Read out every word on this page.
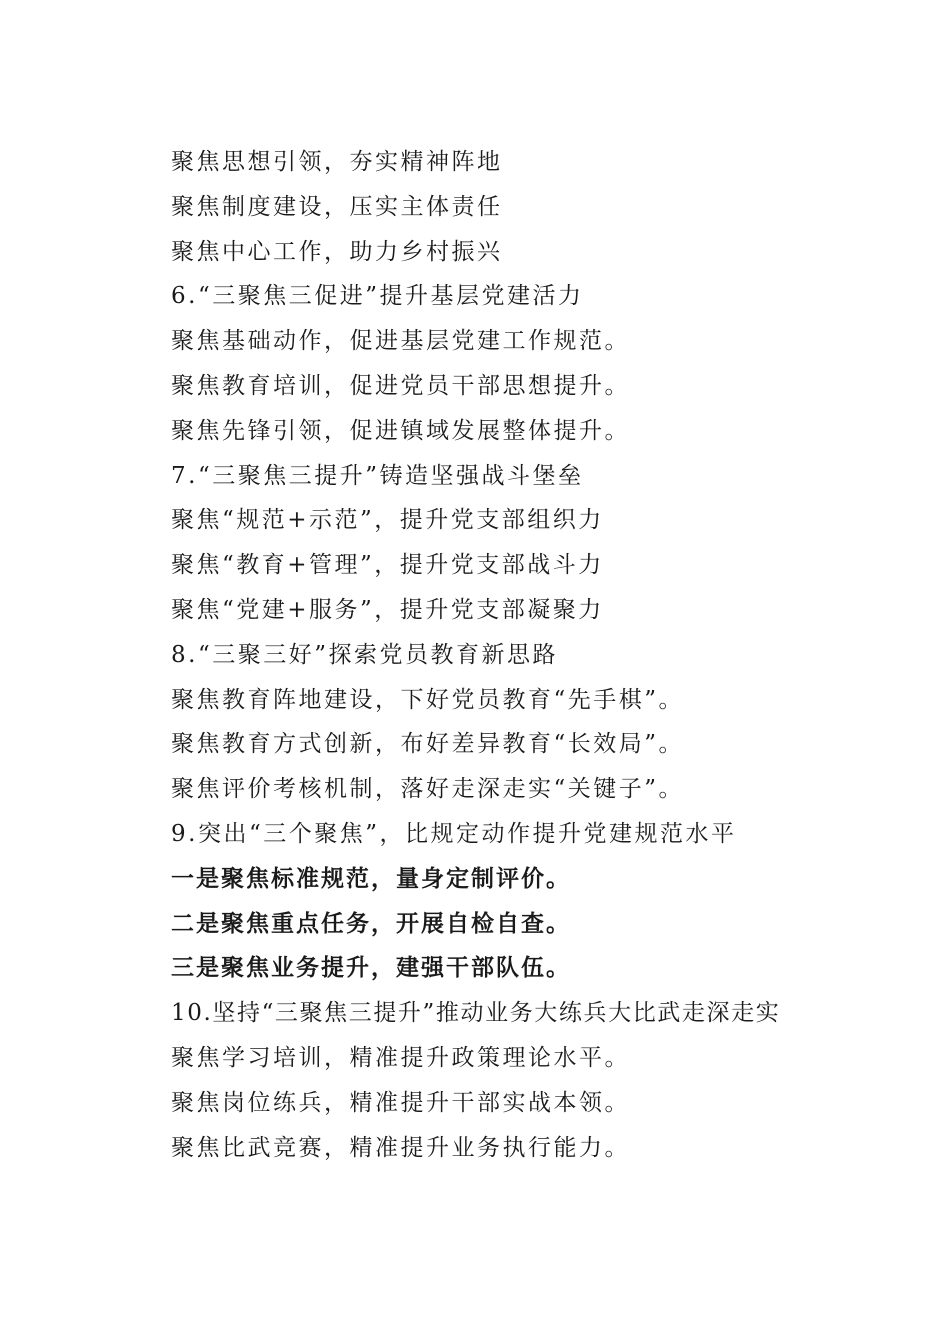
聚焦思想引领，夯实精神阵地
聚焦制度建设，压实主体责任
聚焦中心工作，助力乡村振兴
6.“三聚焦三促进”提升基层党建活力
聚焦基础动作，促进基层党建工作规范。
聚焦教育培训，促进党员干部思想提升。
聚焦先锋引领，促进镇域发展整体提升。
7.“三聚焦三提升”铸造坚强战斗堡垒
聚焦“规范+示范”，提升党支部组织力
聚焦“教育+管理”，提升党支部战斗力
聚焦“党建+服务”，提升党支部凝聚力
8.“三聚三好”探索党员教育新思路
聚焦教育阵地建设，下好党员教育“先手棋”。
聚焦教育方式创新，布好差异教育“长效局”。
聚焦评价考核机制，落好走深走实“关键子”。
9.突出“三个聚焦”，比规定动作提升党建规范水平
一是聚焦标准规范，量身定制评价。
二是聚焦重点任务，开展自检自查。
三是聚焦业务提升，建强干部队伍。
10.坚持“三聚焦三提升”推动业务大练兵大比武走深走实
聚焦学习培训，精准提升政策理论水平。
聚焦岗位练兵，精准提升干部实战本领。
聚焦比武竞赛，精准提升业务执行能力。
